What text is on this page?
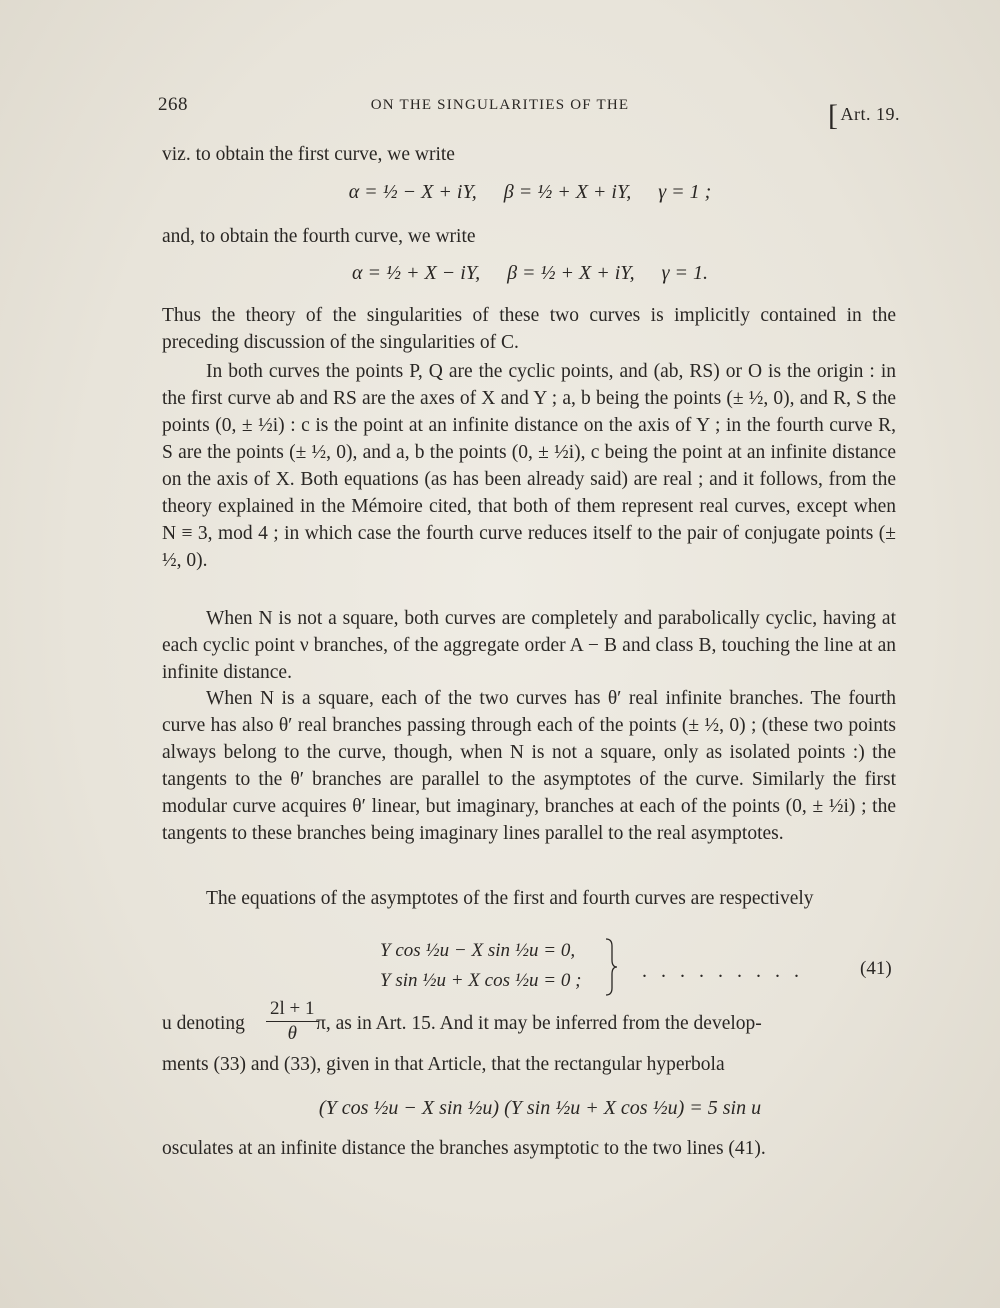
268	ON THE SINGULARITIES OF THE	[ Art. 19.
viz. to obtain the first curve, we write
α = ½ − X + iY, β = ½ + X + iY, γ = 1 ;
and, to obtain the fourth curve, we write
α = ½ + X − iY, β = ½ + X + iY, γ = 1.
Thus the theory of the singularities of these two curves is implicitly contained in the preceding discussion of the singularities of C.
In both curves the points P, Q are the cyclic points, and (ab, RS) or O is the origin : in the first curve ab and RS are the axes of X and Y ; a, b being the points (± ½, 0), and R, S the points (0, ± ½i) : c is the point at an infinite distance on the axis of Y ; in the fourth curve R, S are the points (± ½, 0), and a, b the points (0, ± ½i), c being the point at an infinite distance on the axis of X. Both equations (as has been already said) are real ; and it follows, from the theory explained in the Mémoire cited, that both of them represent real curves, except when N ≡ 3, mod 4 ; in which case the fourth curve reduces itself to the pair of conjugate points (± ½, 0).
When N is not a square, both curves are completely and parabolically cyclic, having at each cyclic point ν branches, of the aggregate order A − B and class B, touching the line at an infinite distance.
When N is a square, each of the two curves has θ′ real infinite branches. The fourth curve has also θ′ real branches passing through each of the points (± ½, 0) ; (these two points always belong to the curve, though, when N is not a square, only as isolated points :) the tangents to the θ′ branches are parallel to the asymptotes of the curve. Similarly the first modular curve acquires θ′ linear, but imaginary, branches at each of the points (0, ± ½i) ; the tangents to these branches being imaginary lines parallel to the real asymptotes.
The equations of the asymptotes of the first and fourth curves are respectively
Y cos ½u − X sin ½u = 0,
Y sin ½u + X cos ½u = 0 ;	......... (41)
u denoting	π, as in Art. 15. And it may be inferred from the develop-
$\frac{2l + 1}{\theta}$
ments (33) and (33), given in that Article, that the rectangular hyperbola
(Y cos ½u − X sin ½u) (Y sin ½u + X cos ½u) = 5 sin u
osculates at an infinite distance the branches asymptotic to the two lines (41).
